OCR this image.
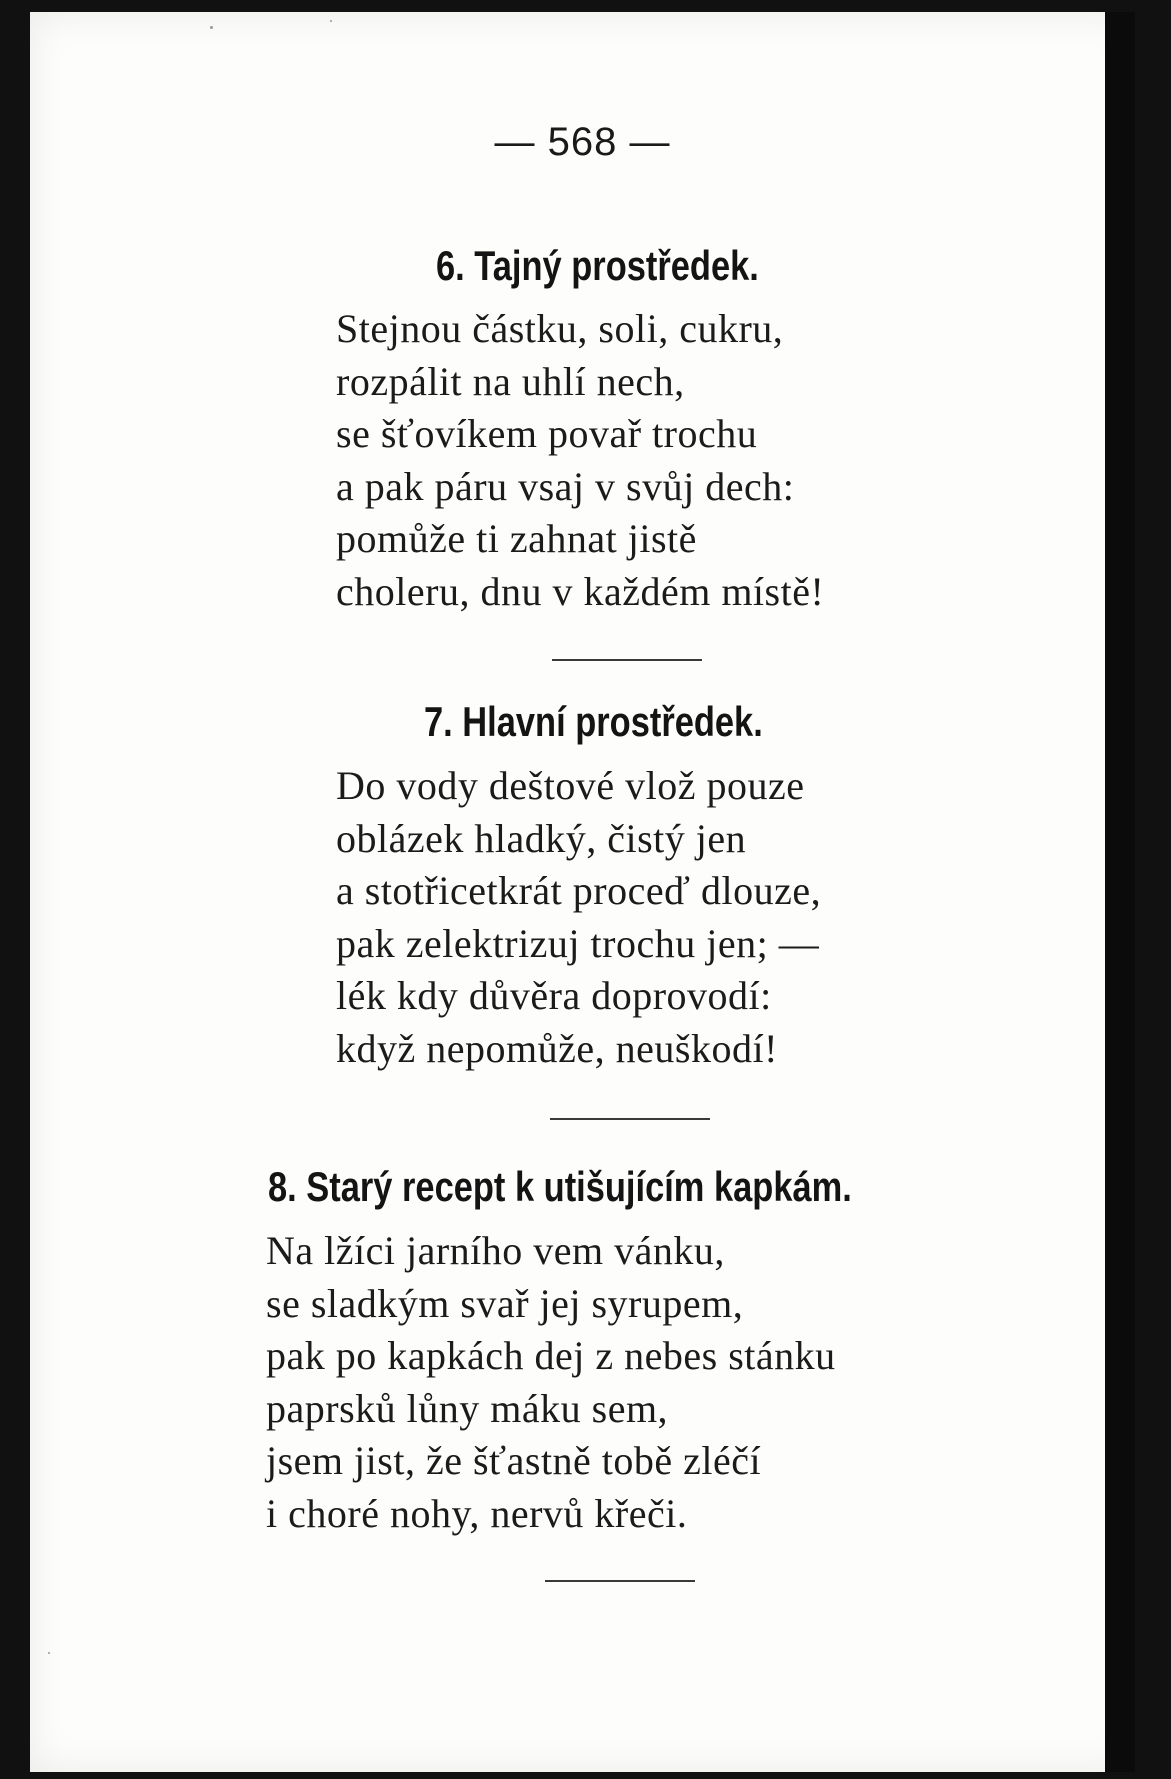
— 568 —
6. Tajný prostředek.
Stejnou částku, soli, cukru,
rozpálit na uhlí nech,
se šťovíkem povař trochu
a pak páru vsaj v svůj dech:
pomůže ti zahnat jistě
choleru, dnu v každém místě!
7. Hlavní prostředek.
Do vody deštové vlož pouze
oblázek hladký, čistý jen
a stotřicetkrát proceď dlouze,
pak zelektrizuj trochu jen; —
lék kdy důvěra doprovodí:
když nepomůže, neuškodí!
8. Starý recept k utišujícím kapkám.
Na lžíci jarního vem vánku,
se sladkým svař jej syrupem,
pak po kapkách dej z nebes stánku
paprsků lůny máku sem,
jsem jist, že šťastně tobě zléčí
i choré nohy, nervů křeči.
